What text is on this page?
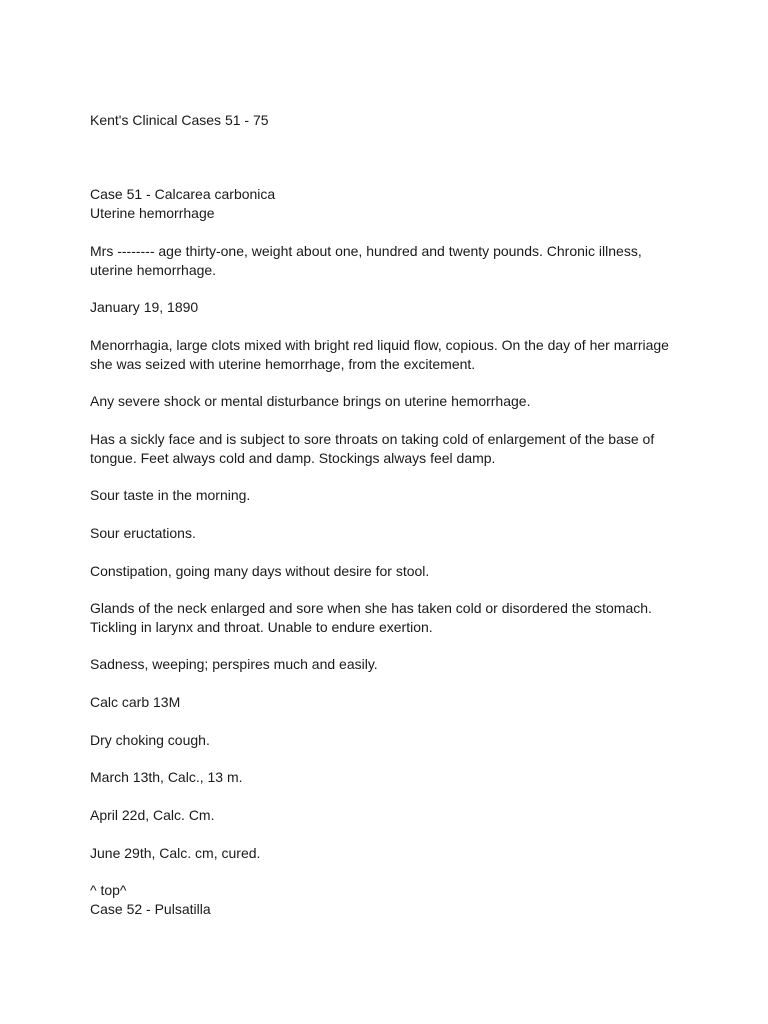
Kent's Clinical Cases 51 - 75
Case 51 - Calcarea carbonica
Uterine hemorrhage
Mrs -------- age thirty-one, weight about one, hundred and twenty pounds. Chronic illness,
uterine hemorrhage.
January 19, 1890
Menorrhagia, large clots mixed with bright red liquid flow, copious. On the day of her marriage
she was seized with uterine hemorrhage, from the excitement.
Any severe shock or mental disturbance brings on uterine hemorrhage.
Has a sickly face and is subject to sore throats on taking cold of enlargement of the base of
tongue. Feet always cold and damp. Stockings always feel damp.
Sour taste in the morning.
Sour eructations.
Constipation, going many days without desire for stool.
Glands of the neck enlarged and sore when she has taken cold or disordered the stomach.
Tickling in larynx and throat. Unable to endure exertion.
Sadness, weeping; perspires much and easily.
Calc carb 13M
Dry choking cough.
March 13th, Calc., 13 m.
April 22d, Calc. Cm.
June 29th, Calc. cm, cured.
^ top^
Case 52 - Pulsatilla
